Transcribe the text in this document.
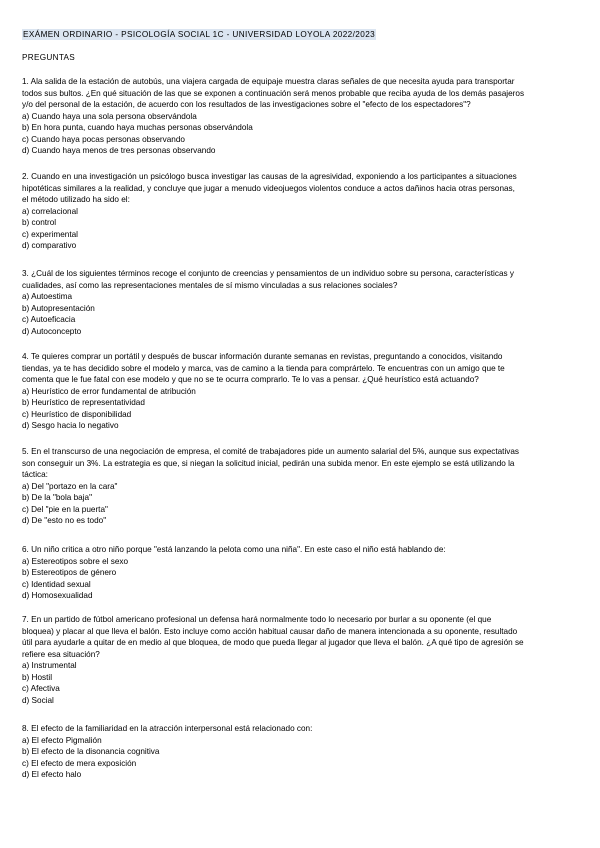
EXÁMEN ORDINARIO - PSICOLOGÍA SOCIAL 1C - UNIVERSIDAD LOYOLA 2022/2023
PREGUNTAS

1. Ala salida de la estación de autobús, una viajera cargada de equipaje muestra claras señales de que necesita ayuda para transportar

todos sus bultos. ¿En qué situación de las que se exponen a continuación será menos probable que reciba ayuda de los demás pasajeros

y/o del personal de la estación, de acuerdo con los resultados de las investigaciones sobre el "efecto de los espectadores"?

a) Cuando haya una sola persona observándola

b) En hora punta, cuando haya muchas personas observándola

c) Cuando haya pocas personas observando

d) Cuando haya menos de tres personas observando

2. Cuando en una investigación un psicólogo busca investigar las causas de la agresividad, exponiendo a los participantes a situaciones

hipotéticas similares a la realidad, y concluye que jugar a menudo videojuegos violentos conduce a actos dañinos hacia otras personas,

el método utilizado ha sido el:

a) correlacional

b) control

c) experimental

d) comparativo

3. ¿Cuál de los siguientes términos recoge el conjunto de creencias y pensamientos de un individuo sobre su persona, características y

cualidades, así como las representaciones mentales de sí mismo vinculadas a sus relaciones sociales?

a) Autoestima

b) Autopresentación

c) Autoeficacia

d) Autoconcepto

4. Te quieres comprar un portátil y después de buscar información durante semanas en revistas, preguntando a conocidos, visitando

tiendas, ya te has decidido sobre el modelo y marca, vas de camino a la tienda para comprártelo. Te encuentras con un amigo que te

comenta que le fue fatal con ese modelo y que no se te ocurra comprarlo. Te lo vas a pensar. ¿Qué heurístico está actuando?

a) Heurístico de error fundamental de atribución

b) Heurístico de representatividad

c) Heurístico de disponibilidad

d) Sesgo hacia lo negativo

5. En el transcurso de una negociación de empresa, el comité de trabajadores pide un aumento salarial del 5%, aunque sus expectativas

son conseguir un 3%. La estrategia es que, si niegan la solicitud inicial, pedirán una subida menor. En este ejemplo se está utilizando la

táctica:

a) Del "portazo en la cara"

b) De la "bola baja"

c) Del "pie en la puerta"

d) De "esto no es todo"

6. Un niño critica a otro niño porque "está lanzando la pelota como una niña". En este caso el niño está hablando de:

a) Estereotipos sobre el sexo

b) Estereotipos de género

c) Identidad sexual

d) Homosexualidad

7. En un partido de fútbol americano profesional un defensa hará normalmente todo lo necesario por burlar a su oponente (el que

bloquea) y placar al que lleva el balón. Esto incluye como acción habitual causar daño de manera intencionada a su oponente, resultado

útil para ayudarle a quitar de en medio al que bloquea, de modo que pueda llegar al jugador que lleva el balón. ¿A qué tipo de agresión se

refiere esa situación?

a) Instrumental

b) Hostil

c) Afectiva

d) Social

8. El efecto de la familiaridad en la atracción interpersonal está relacionado con:

a) El efecto Pigmalión

b) El efecto de la disonancia cognitiva

c) El efecto de mera exposición

d) El efecto halo
